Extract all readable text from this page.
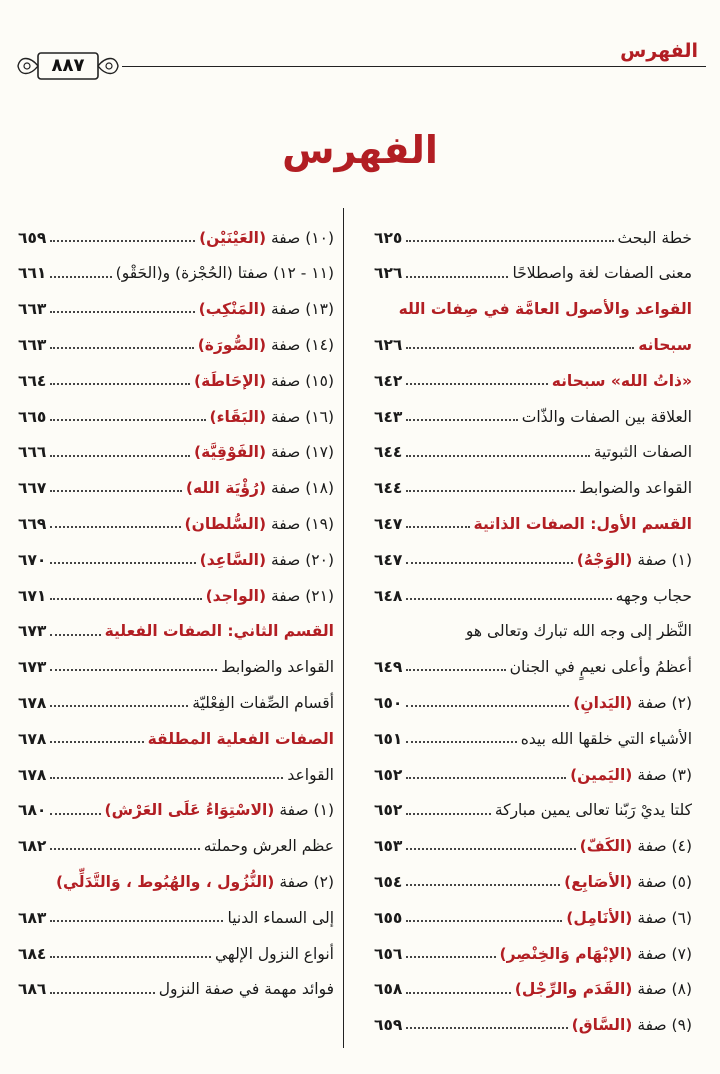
الفهرس
٨٨٧
الفهرس
خطة البحث
٦٢٥
معنى الصفات لغة واصطلاحًا
٦٢٦
القواعد والأصول العامَّة في صِفات الله
سبحانه
٦٢٦
«ذاتُ الله» سبحانه
٦٤٢
العلاقة بين الصفات والذّات
٦٤٣
الصفات الثبوتية
٦٤٤
القواعد والضوابط
٦٤٤
القسم الأول: الصفات الذاتية
٦٤٧
(١) صفة (الوَجْهُ)
٦٤٧
حجاب وجهه
٦٤٨
النَّظر إلى وجه الله تبارك وتعالى هو
أعظمُ وأعلى نعيمٍ في الجنان
٦٤٩
(٢) صفة (اليَدانِ)
٦٥٠
الأشياء التي خلقها الله بيده
٦٥١
(٣) صفة (اليَمين)
٦٥٢
كلتا يديْ رَبّنا تعالى يمين مباركة
٦٥٢
(٤) صفة (الكَفّ)
٦٥٣
(٥) صفة (الأصَابِع)
٦٥٤
(٦) صفة (الأنَامِل)
٦٥٥
(٧) صفة (الإبْهَام وَالخِنْصِر)
٦٥٦
(٨) صفة (القَدَم والرِّجْل)
٦٥٨
(٩) صفة (السَّاق)
٦٥٩
(١٠) صفة (العَيْنَيْن)
٦٥٩
(١١ - ١٢) صفتا (الحُجْزة) و(الحَقْو)
٦٦١
(١٣) صفة (المَنْكِب)
٦٦٣
(١٤) صفة (الصُّورَة)
٦٦٣
(١٥) صفة (الإحَاطَة)
٦٦٤
(١٦) صفة (البَقَاء)
٦٦٥
(١٧) صفة (الفَوْقِيَّة)
٦٦٦
(١٨) صفة (رُؤْيَة الله)
٦٦٧
(١٩) صفة (السُّلطان)
٦٦٩
(٢٠) صفة (السَّاعِد)
٦٧٠
(٢١) صفة (الواجد)
٦٧١
القسم الثاني: الصفات الفعلية
٦٧٣
القواعد والضوابط
٦٧٣
أقسام الصِّفات الفِعْليّة
٦٧٨
الصفات الفعلية المطلقة
٦٧٨
القواعد
٦٧٨
(١) صفة (الاسْتِوَاءُ عَلَى العَرْش)
٦٨٠
عظم العرش وحملته
٦٨٢
(٢) صفة (النُّزُول ، والهُبُوط ، وَالتَّدَلِّي)
إلى السماء الدنيا
٦٨٣
أنواع النزول الإلهي
٦٨٤
فوائد مهمة في صفة النزول
٦٨٦
